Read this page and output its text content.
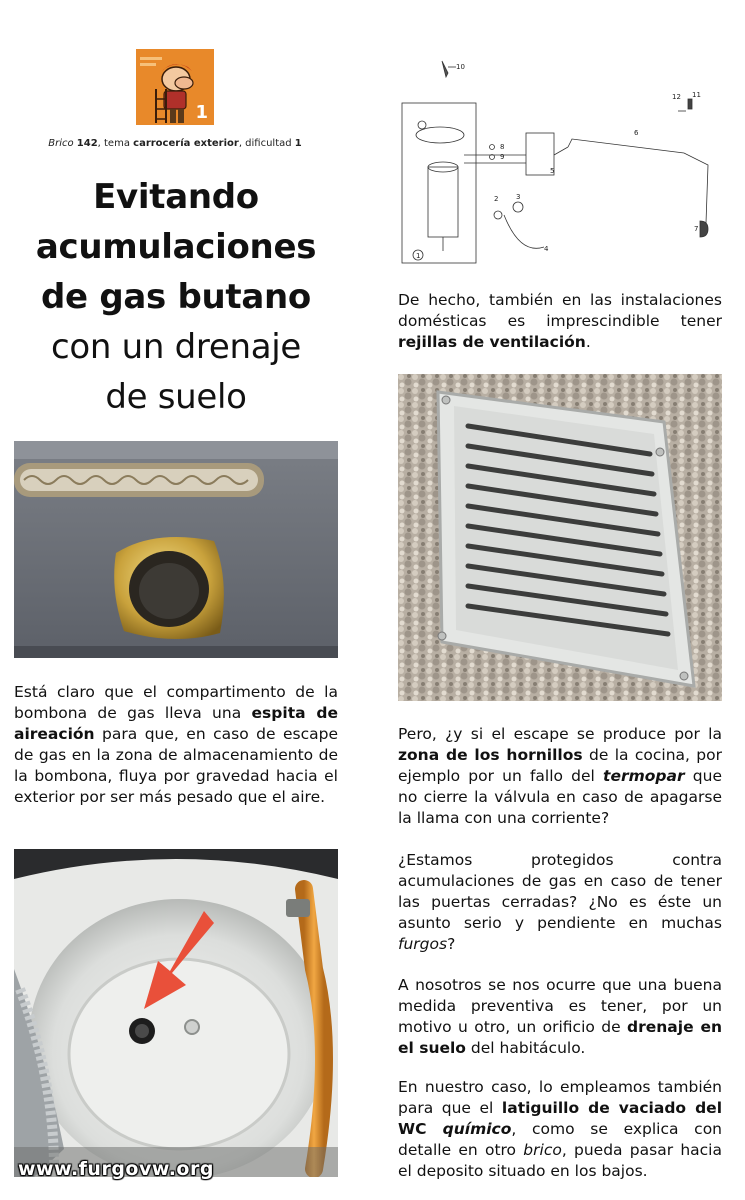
1
Brico 142, tema carrocería exterior, dificultad 1
Evitando
acumulaciones
de gas butano
con un drenaje
de suelo
Está claro que el compartimento de la bombona de gas lleva una espita de aireación para que, en caso de escape de gas en la zona de almacenamiento de la bombona, fluya por gravedad hacia el exterior por ser más pesado que el aire.
10
12 11
6
8
9
5
2	3
7
4
1
De hecho, también en las instalaciones domésticas es imprescindible tener rejillas de ventilación.
Pero, ¿y si el escape se produce por la zona de los hornillos de la cocina, por ejemplo por un fallo del termopar que no cierre la válvula en caso de apagarse la llama con una corriente?
¿Estamos protegidos contra acumulaciones de gas en caso de tener las puertas cerradas? ¿No es éste un asunto serio y pendiente en muchas furgos?
A nosotros se nos ocurre que una buena medida preventiva es tener, por un motivo u otro, un orificio de drenaje en el suelo del habitáculo.
En nuestro caso, lo empleamos también para que el latiguillo de vaciado del WC químico, como se explica con detalle en otro brico, pueda pasar hacia el deposito situado en los bajos.
www.furgovw.org
